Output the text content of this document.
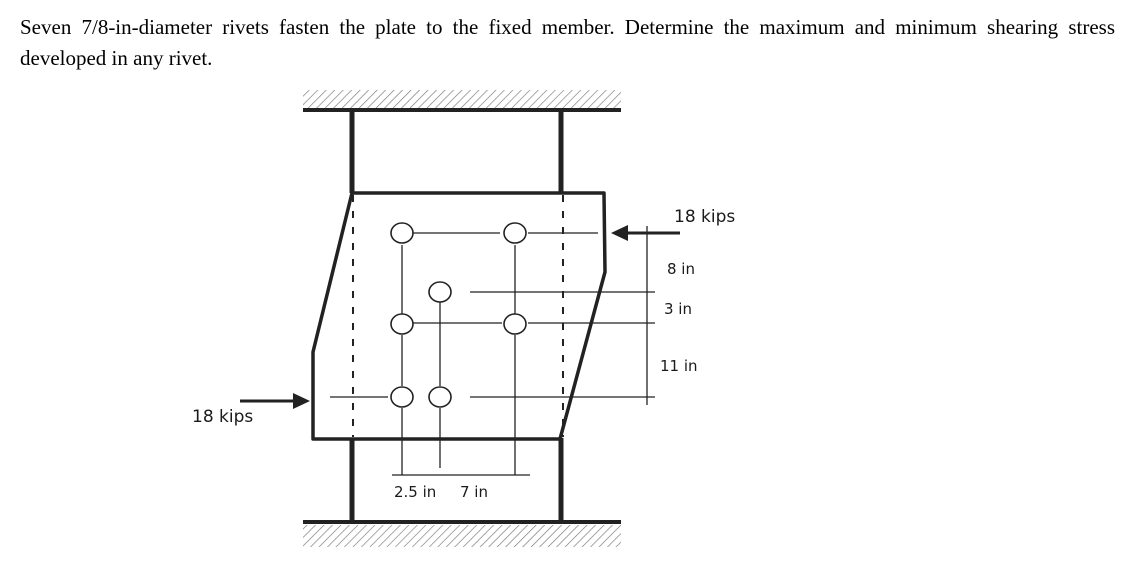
Seven 7/8-in-diameter rivets fasten the plate to the fixed member. Determine the maximum and minimum shearing stress developed in any rivet.

18 kips
18 kips
8 in
3 in
11 in
2.5 in 7 in
